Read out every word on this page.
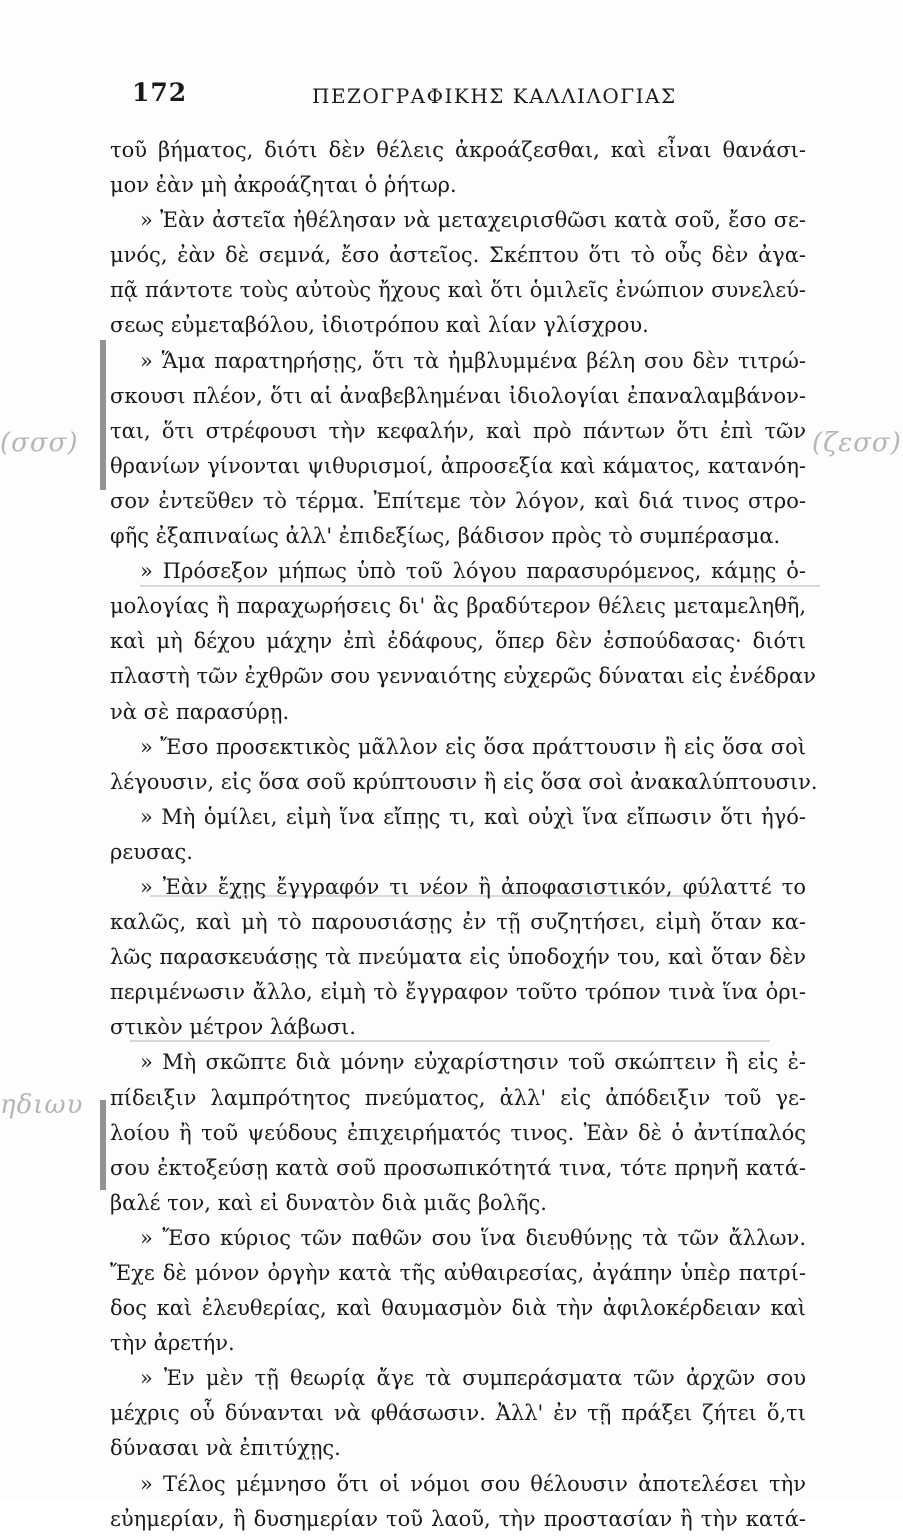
(σσσ)	(ζεσσ)
ηδιωυ
172	ΠΕΖΟΓΡΑΦΙΚΗΣ ΚΑΛΛΙΛΟΓΙΑΣ
τοῦ βήματος, διότι δὲν θέλεις ἀκροάζεσθαι, καὶ εἶναι θανάσι-
μον ἐὰν μὴ ἀκροάζηται ὁ ῥήτωρ.
» Ἐὰν ἀστεῖα ἠθέλησαν νὰ μεταχειρισθῶσι κατὰ σοῦ, ἔσο σε-
μνός, ἐὰν δὲ σεμνά, ἔσο ἀστεῖος. Σκέπτου ὅτι τὸ οὖς δὲν ἀγα-
πᾷ πάντοτε τοὺς αὐτοὺς ἤχους καὶ ὅτι ὁμιλεῖς ἐνώπιον συνελεύ-
σεως εὐμεταβόλου, ἰδιοτρόπου καὶ λίαν γλίσχρου.
» Ἅμα παρατηρήσῃς, ὅτι τὰ ἠμβλυμμένα βέλη σου δὲν τιτρώ-
σκουσι πλέον, ὅτι αἱ ἀναβεβλημέναι ἰδιολογίαι ἐπαναλαμβάνον-
ται, ὅτι στρέφουσι τὴν κεφαλήν, καὶ πρὸ πάντων ὅτι ἐπὶ τῶν
θρανίων γίνονται ψιθυρισμοί, ἀπροσεξία καὶ κάματος, κατανόη-
σον ἐντεῦθεν τὸ τέρμα. Ἐπίτεμε τὸν λόγον, καὶ διά τινος στρο-
φῆς ἐξαπιναίως ἀλλ' ἐπιδεξίως, βάδισον πρὸς τὸ συμπέρασμα.
» Πρόσεξον μήπως ὑπὸ τοῦ λόγου παρασυρόμενος, κάμῃς ὁ-
μολογίας ἢ παραχωρήσεις δι' ἃς βραδύτερον θέλεις μεταμεληθῆ,
καὶ μὴ δέχου μάχην ἐπὶ ἐδάφους, ὅπερ δὲν ἐσπούδασας· διότι
πλαστὴ τῶν ἐχθρῶν σου γενναιότης εὐχερῶς δύναται εἰς ἐνέδραν
νὰ σὲ παρασύρῃ.
» Ἔσο προσεκτικὸς μᾶλλον εἰς ὅσα πράττουσιν ἢ εἰς ὅσα σοὶ
λέγουσιν, εἰς ὅσα σοῦ κρύπτουσιν ἢ εἰς ὅσα σοὶ ἀνακαλύπτουσιν.
» Μὴ ὁμίλει, εἰμὴ ἵνα εἴπῃς τι, καὶ οὐχὶ ἵνα εἴπωσιν ὅτι ἠγό-
ρευσας.
» Ἐὰν ἔχῃς ἔγγραφόν τι νέον ἢ ἀποφασιστικόν, φύλαττέ το
καλῶς, καὶ μὴ τὸ παρουσιάσῃς ἐν τῇ συζητήσει, εἰμὴ ὅταν κα-
λῶς παρασκευάσῃς τὰ πνεύματα εἰς ὑποδοχήν του, καὶ ὅταν δὲν
περιμένωσιν ἄλλο, εἰμὴ τὸ ἔγγραφον τοῦτο τρόπον τινὰ ἵνα ὁρι-
στικὸν μέτρον λάβωσι.
» Μὴ σκῶπτε διὰ μόνην εὐχαρίστησιν τοῦ σκώπτειν ἢ εἰς ἐ-
πίδειξιν λαμπρότητος πνεύματος, ἀλλ' εἰς ἀπόδειξιν τοῦ γε-
λοίου ἢ τοῦ ψεύδους ἐπιχειρήματός τινος. Ἐὰν δὲ ὁ ἀντίπαλός
σου ἐκτοξεύσῃ κατὰ σοῦ προσωπικότητά τινα, τότε πρηνῆ κατά-
βαλέ τον, καὶ εἰ δυνατὸν διὰ μιᾶς βολῆς.
» Ἔσο κύριος τῶν παθῶν σου ἵνα διευθύνῃς τὰ τῶν ἄλλων.
Ἔχε δὲ μόνον ὀργὴν κατὰ τῆς αὐθαιρεσίας, ἀγάπην ὑπὲρ πατρί-
δος καὶ ἐλευθερίας, καὶ θαυμασμὸν διὰ τὴν ἀφιλοκέρδειαν καὶ
τὴν ἀρετήν.
» Ἐν μὲν τῇ θεωρίᾳ ἄγε τὰ συμπεράσματα τῶν ἀρχῶν σου
μέχρις οὗ δύνανται νὰ φθάσωσιν. Ἀλλ' ἐν τῇ πράξει ζήτει ὅ,τι
δύνασαι νὰ ἐπιτύχῃς.
» Τέλος μέμνησο ὅτι οἱ νόμοι σου θέλουσιν ἀποτελέσει τὴν
εὐημερίαν, ἢ δυσημερίαν τοῦ λαοῦ, τὴν προστασίαν ἢ τὴν κατά-
